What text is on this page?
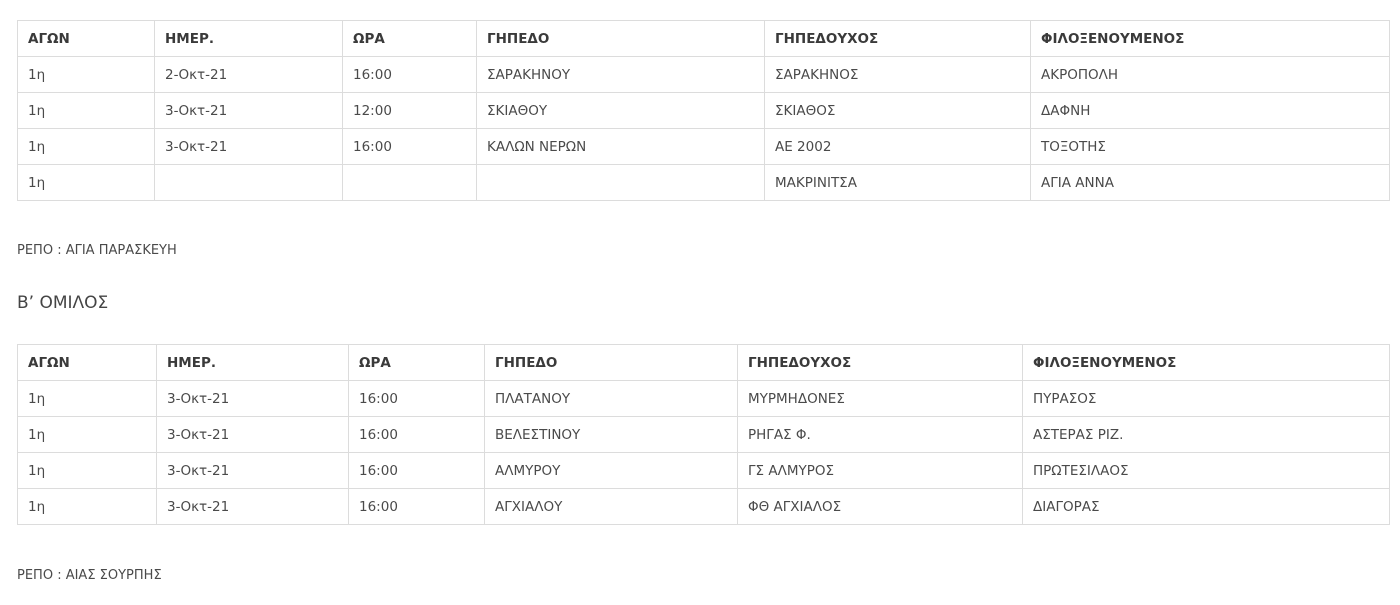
ΑΓΩΝ	ΗΜΕΡ.	ΩΡΑ	ΓΗΠΕΔΟ	ΓΗΠΕΔΟΥΧΟΣ	ΦΙΛΟΞΕΝΟΥΜΕΝΟΣ
1η	2-Οκτ-21	16:00	ΣΑΡΑΚΗΝΟΥ	ΣΑΡΑΚΗΝΟΣ	ΑΚΡΟΠΟΛΗ
1η	3-Οκτ-21	12:00	ΣΚΙΑΘΟΥ	ΣΚΙΑΘΟΣ	ΔΑΦΝΗ
1η	3-Οκτ-21	16:00	ΚΑΛΩΝ ΝΕΡΩΝ	ΑΕ 2002	ΤΟΞΟΤΗΣ
1η				ΜΑΚΡΙΝΙΤΣΑ	ΑΓΙΑ ΑΝΝΑ

ΡΕΠΟ : ΑΓΙΑ ΠΑΡΑΣΚΕΥΗ

Β’ ΟΜΙΛΟΣ
ΑΓΩΝ	ΗΜΕΡ.	ΩΡΑ	ΓΗΠΕΔΟ	ΓΗΠΕΔΟΥΧΟΣ	ΦΙΛΟΞΕΝΟΥΜΕΝΟΣ
1η	3-Οκτ-21	16:00	ΠΛΑΤΑΝΟΥ	ΜΥΡΜΗΔΟΝΕΣ	ΠΥΡΑΣΟΣ
1η	3-Οκτ-21	16:00	ΒΕΛΕΣΤΙΝΟΥ	ΡΗΓΑΣ Φ.	ΑΣΤΕΡΑΣ ΡΙΖ.
1η	3-Οκτ-21	16:00	ΑΛΜΥΡΟΥ	ΓΣ ΑΛΜΥΡΟΣ	ΠΡΩΤΕΣΙΛΑΟΣ
1η	3-Οκτ-21	16:00	ΑΓΧΙΑΛΟΥ	ΦΘ ΑΓΧΙΑΛΟΣ	ΔΙΑΓΟΡΑΣ

ΡΕΠΟ : ΑΙΑΣ ΣΟΥΡΠΗΣ
